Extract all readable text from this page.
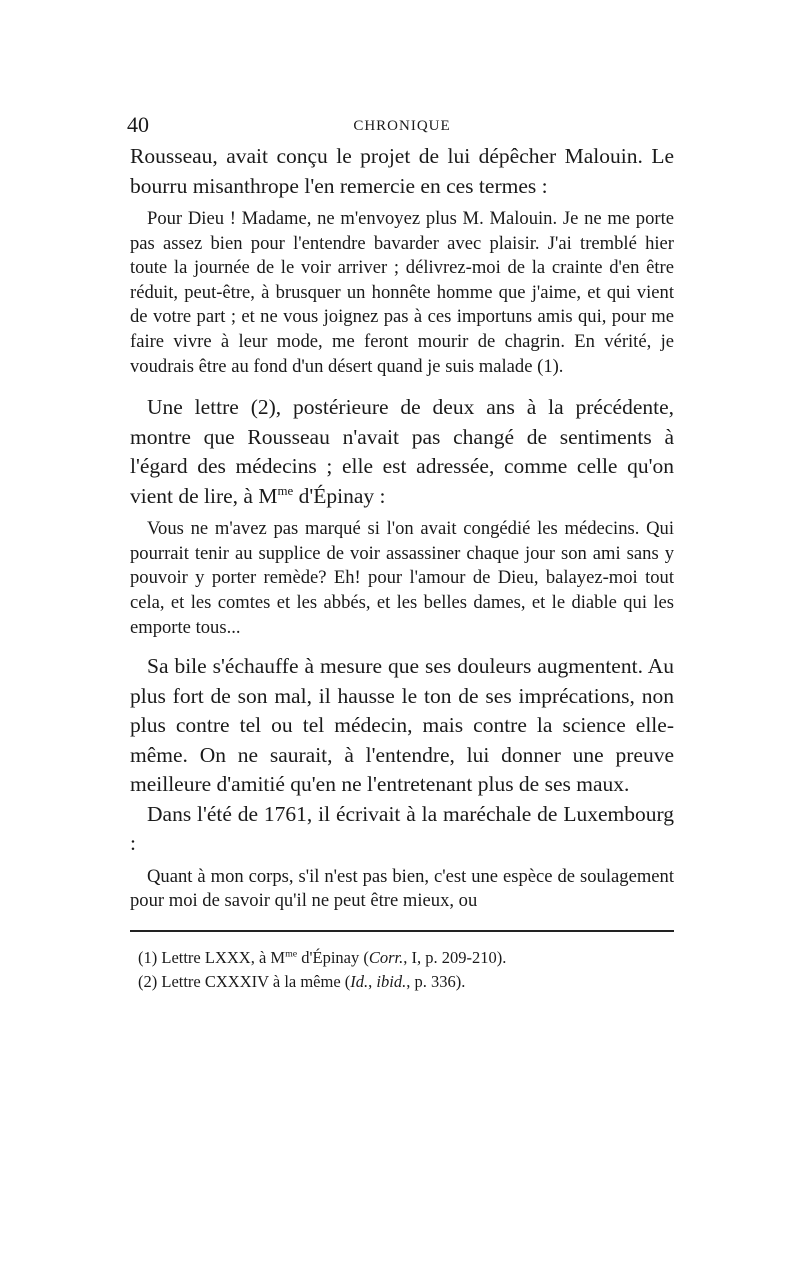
40	CHRONIQUE

Rousseau, avait conçu le projet de lui dépêcher Malouin. Le bourru misanthrope l'en remercie en ces termes :

Pour Dieu ! Madame, ne m'envoyez plus M. Malouin. Je ne me porte pas assez bien pour l'entendre bavarder avec plaisir. J'ai tremblé hier toute la journée de le voir arriver ; délivrez-moi de la crainte d'en être réduit, peut-être, à brusquer un honnête homme que j'aime, et qui vient de votre part ; et ne vous joignez pas à ces importuns amis qui, pour me faire vivre à leur mode, me feront mourir de chagrin. En vérité, je voudrais être au fond d'un désert quand je suis malade (1).

Une lettre (2), postérieure de deux ans à la précédente, montre que Rousseau n'avait pas changé de sentiments à l'égard des médecins ; elle est adressée, comme celle qu'on vient de lire, à $M^{me}$ d'Épinay :

Vous ne m'avez pas marqué si l'on avait congédié les médecins. Qui pourrait tenir au supplice de voir assassiner chaque jour son ami sans y pouvoir y porter remède? Eh! pour l'amour de Dieu, balayez-moi tout cela, et les comtes et les abbés, et les belles dames, et le diable qui les emporte tous...

Sa bile s'échauffe à mesure que ses douleurs augmentent. Au plus fort de son mal, il hausse le ton de ses imprécations, non plus contre tel ou tel médecin, mais contre la science elle-même. On ne saurait, à l'entendre, lui donner une preuve meilleure d'amitié qu'en ne l'entretenant plus de ses maux.

Dans l'été de 1761, il écrivait à la maréchale de Luxembourg :

Quant à mon corps, s'il n'est pas bien, c'est une espèce de soulagement pour moi de savoir qu'il ne peut être mieux, ou

(1) Lettre LXXX, à $M^{me}$ d'Épinay (Corr., I, p. 209-210).
(2) Lettre CXXXIV à la même (Id., ibid., p. 336).
